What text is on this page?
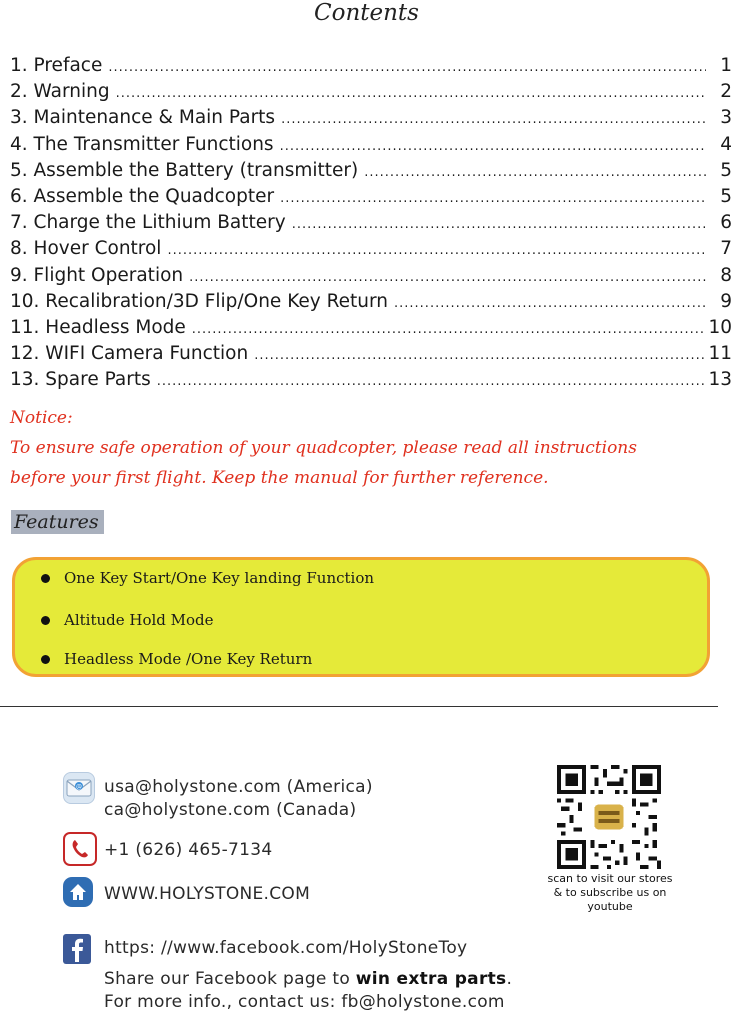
Contents
1. Preface .....	1
2. Warning .....	2
3. Maintenance & Main Parts .....	3
4. The Transmitter Functions .....	4
5. Assemble the Battery (transmitter) .....	5
6. Assemble the Quadcopter .....	5
7. Charge the Lithium Battery .....	6
8. Hover Control .....	7
9. Flight Operation .....	8
10. Recalibration/3D Flip/One Key Return .....	9
11. Headless Mode .....	10
12. WIFI Camera Function .....	11
13. Spare Parts .....	13
Notice:
To ensure safe operation of your quadcopter, please read all instructions
before your first flight. Keep the manual for further reference.
Features
One Key Start/One Key landing Function
Altitude Hold Mode
Headless Mode /One Key Return
@ usa@holystone.com (America)
ca@holystone.com (Canada)
+1 (626) 465-7134
WWW.HOLYSTONE.COM
https: //www.facebook.com/HolyStoneToy
Share our Facebook page to win extra parts.
For more info., contact us: fb@holystone.com
scan to visit our stores
& to subscribe us on youtube
